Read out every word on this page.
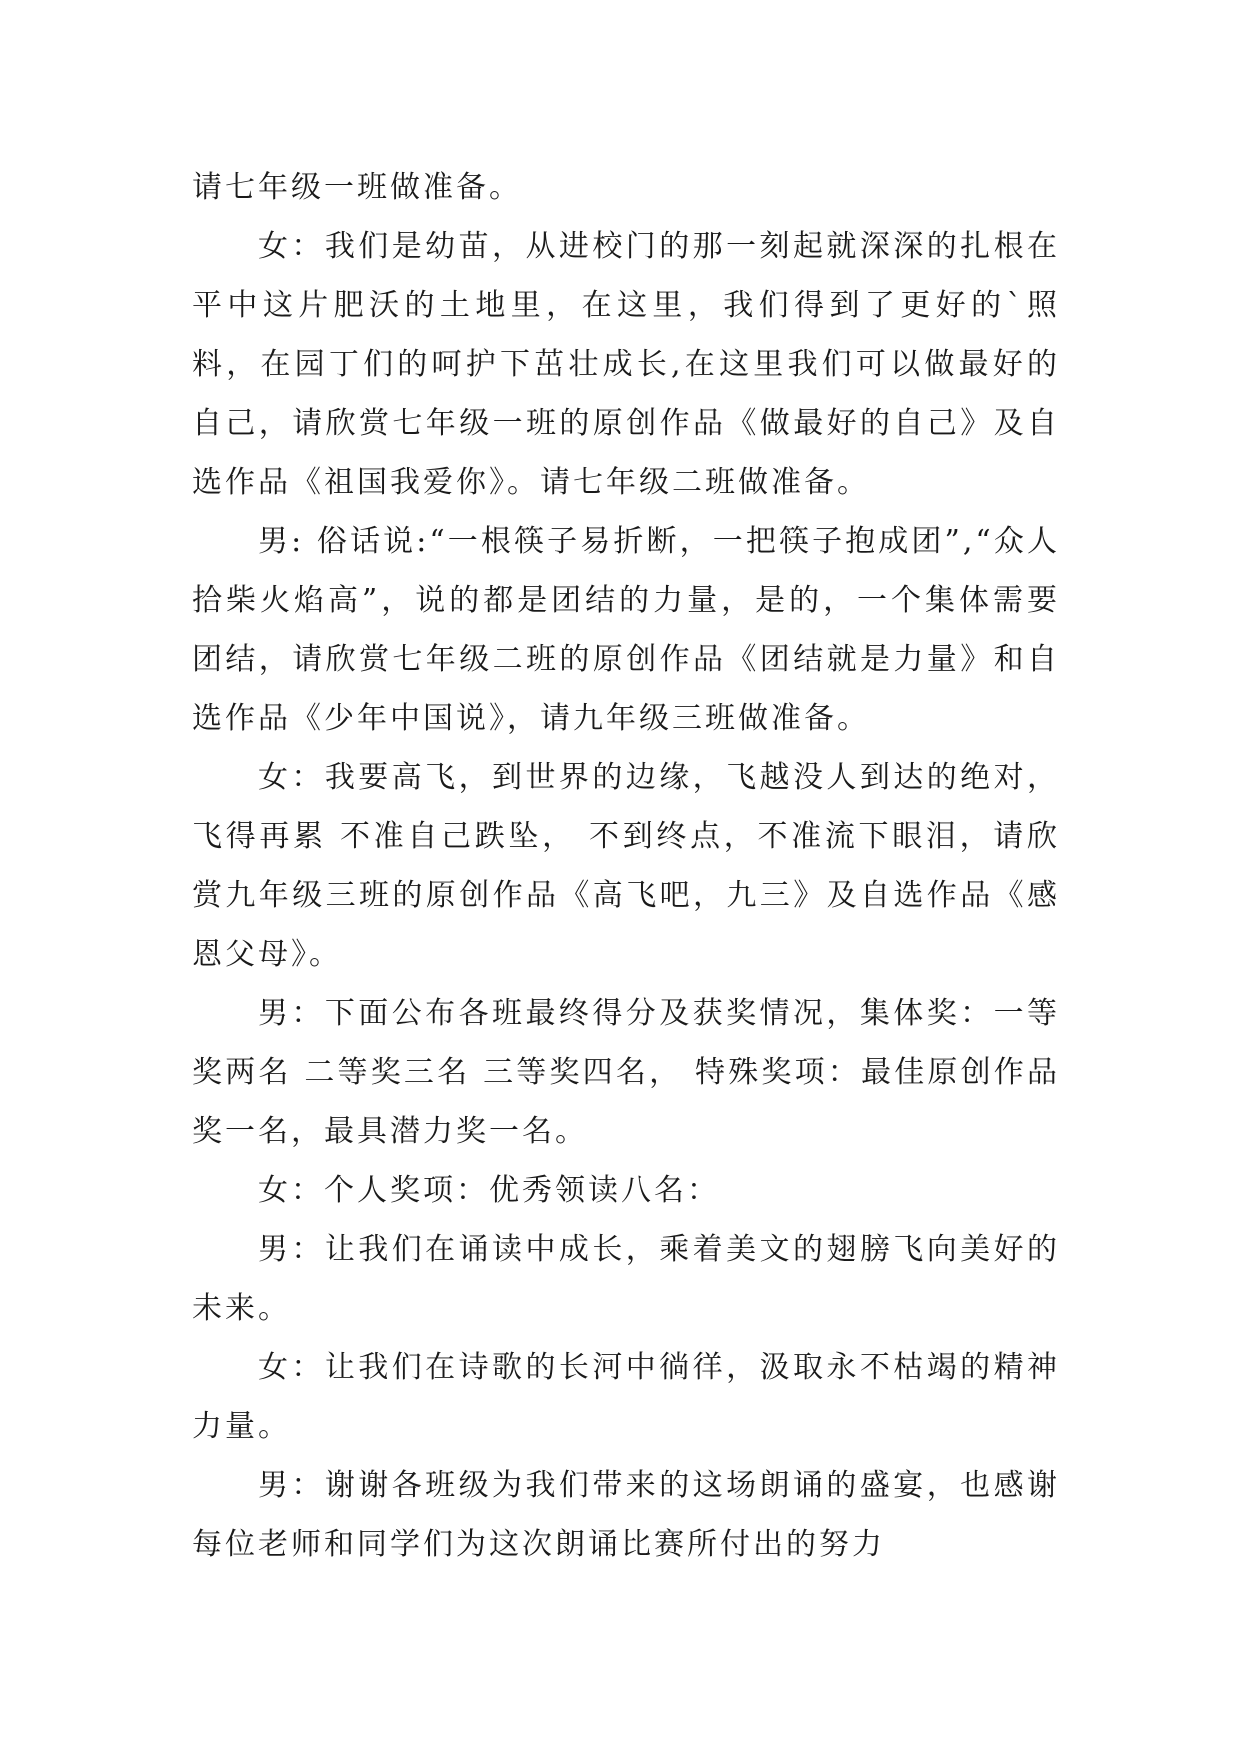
请七年级一班做准备。

女：我们是幼苗，从进校门的那一刻起就深深的扎根在平中这片肥沃的土地里，在这里，我们得到了更好的`照料，在园丁们的呵护下茁壮成长,在这里我们可以做最好的自己，请欣赏七年级一班的原创作品《做最好的自己》及自选作品《祖国我爱你》。请七年级二班做准备。

男: 俗话说:“一根筷子易折断，一把筷子抱成团”,“众人拾柴火焰高”，说的都是团结的力量，是的，一个集体需要团结，请欣赏七年级二班的原创作品《团结就是力量》和自选作品《少年中国说》，请九年级三班做准备。

女：我要高飞，到世界的边缘，飞越没人到达的绝对，飞得再累 不准自己跌坠， 不到终点，不准流下眼泪，请欣赏九年级三班的原创作品《高飞吧，九三》及自选作品《感恩父母》。

男：下面公布各班最终得分及获奖情况，集体奖：一等奖两名 二等奖三名 三等奖四名， 特殊奖项：最佳原创作品奖一名，最具潜力奖一名。

女：个人奖项：优秀领读八名：

男：让我们在诵读中成长，乘着美文的翅膀飞向美好的未来。

女：让我们在诗歌的长河中徜徉，汲取永不枯竭的精神力量。

男：谢谢各班级为我们带来的这场朗诵的盛宴，也感谢每位老师和同学们为这次朗诵比赛所付出的努力
